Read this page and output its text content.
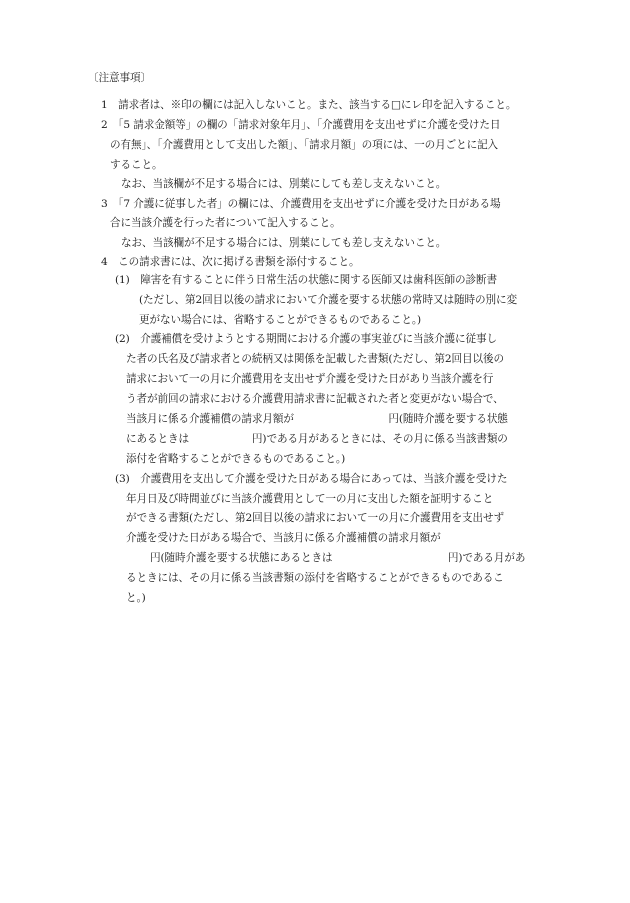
〔注意事項〕
1　請求者は、※印の欄には記入しないこと。また、該当する□にレ印を記入すること。
2　「5 請求金額等」の欄の「請求対象年月」、「介護費用を支出せずに介護を受けた日
の有無」、「介護費用として支出した額」、「請求月額」の項には、一の月ごとに記入
すること。
なお、当該欄が不足する場合には、別葉にしても差し支えないこと。
3　「7 介護に従事した者」の欄には、介護費用を支出せずに介護を受けた日がある場
合に当該介護を行った者について記入すること。
なお、当該欄が不足する場合には、別葉にしても差し支えないこと。
4　この請求書には、次に掲げる書類を添付すること。
(1)　障害を有することに伴う日常生活の状態に関する医師又は歯科医師の診断書
(ただし、第2回目以後の請求において介護を要する状態の常時又は随時の別に変
更がない場合には、省略することができるものであること。)
(2)　介護補償を受けようとする期間における介護の事実並びに当該介護に従事し
た者の氏名及び請求者との続柄又は関係を記載した書類(ただし、第2回目以後の
請求において一の月に介護費用を支出せず介護を受けた日があり当該介護を行
う者が前回の請求における介護費用請求書に記載された者と変更がない場合で、
当該月に係る介護補償の請求月額が　　　　　　　　　円(随時介護を要する状態
にあるときは　　　　　　円)である月があるときには、その月に係る当該書類の
添付を省略することができるものであること。)
(3)　介護費用を支出して介護を受けた日がある場合にあっては、当該介護を受けた
年月日及び時間並びに当該介護費用として一の月に支出した額を証明すること
ができる書類(ただし、第2回目以後の請求において一の月に介護費用を支出せず
介護を受けた日がある場合で、当該月に係る介護補償の請求月額が
円(随時介護を要する状態にあるときは　　　　　　　　　　　円)である月があ
るときには、その月に係る当該書類の添付を省略することができるものであるこ
と。)
